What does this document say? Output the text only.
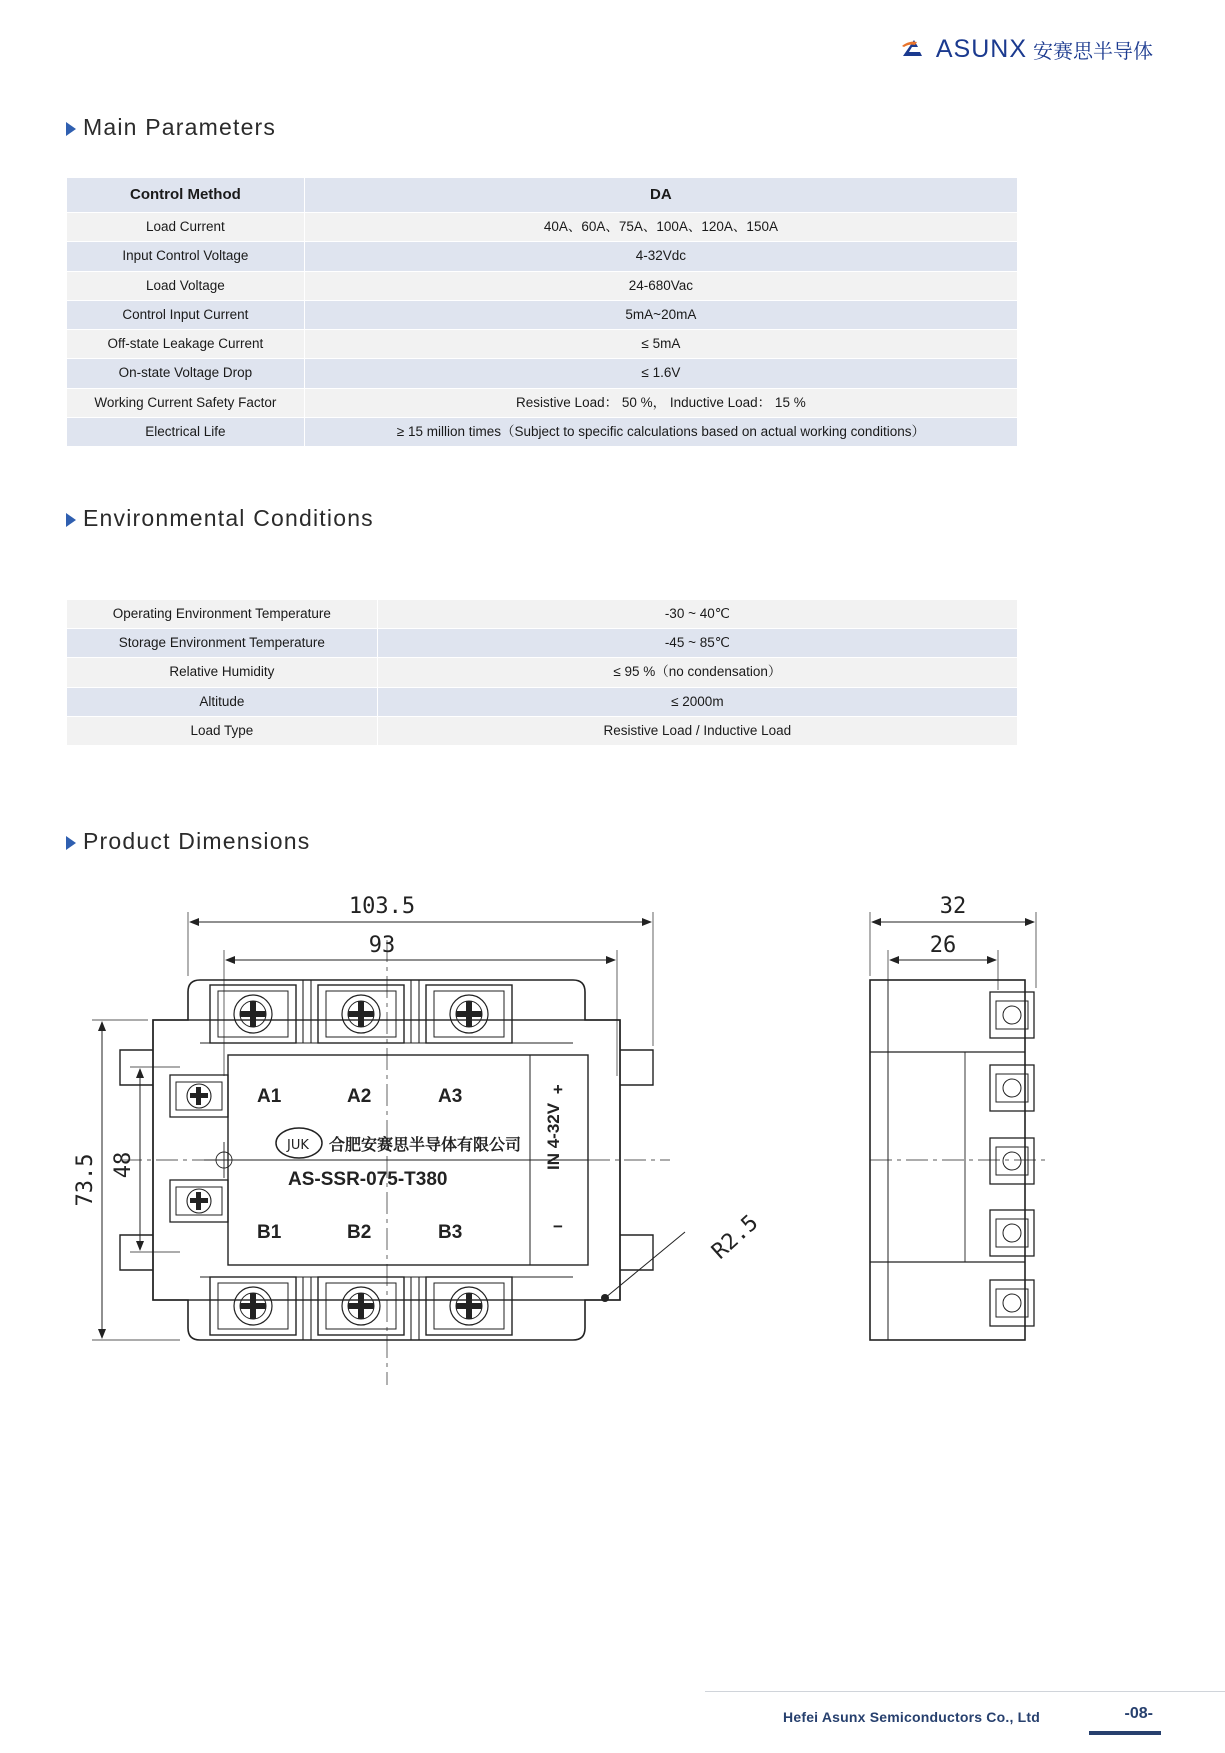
ASUNX 安赛思半导体
Main Parameters
Control Method	DA
Load Current	40A、60A、75A、100A、120A、150A
Input Control Voltage	4-32Vdc
Load Voltage	24-680Vac
Control Input Current	5mA~20mA
Off-state Leakage Current	≤ 5mA
On-state Voltage Drop	≤ 1.6V
Working Current Safety Factor	Resistive Load： 50 %， Inductive Load： 15 %
Electrical Life	≥ 15 million times（Subject to specific calculations based on actual working conditions）
Environmental Conditions
Operating Environment Temperature	-30 ~ 40℃
Storage Environment Temperature	-45 ~ 85℃
Relative Humidity	≤ 95 %（no condensation）
Altitude	≤ 2000m
Load Type	Resistive Load / Inductive Load
Product Dimensions
A1	A2	A3
B1	B2	B3
JUK 合肥安赛思半导体有限公司
AS-SSR-075-T380
IN 4-32V
+
−
103.5
93
73.5 48
R2.5
32
26
Hefei Asunx Semiconductors Co., Ltd	-08-
